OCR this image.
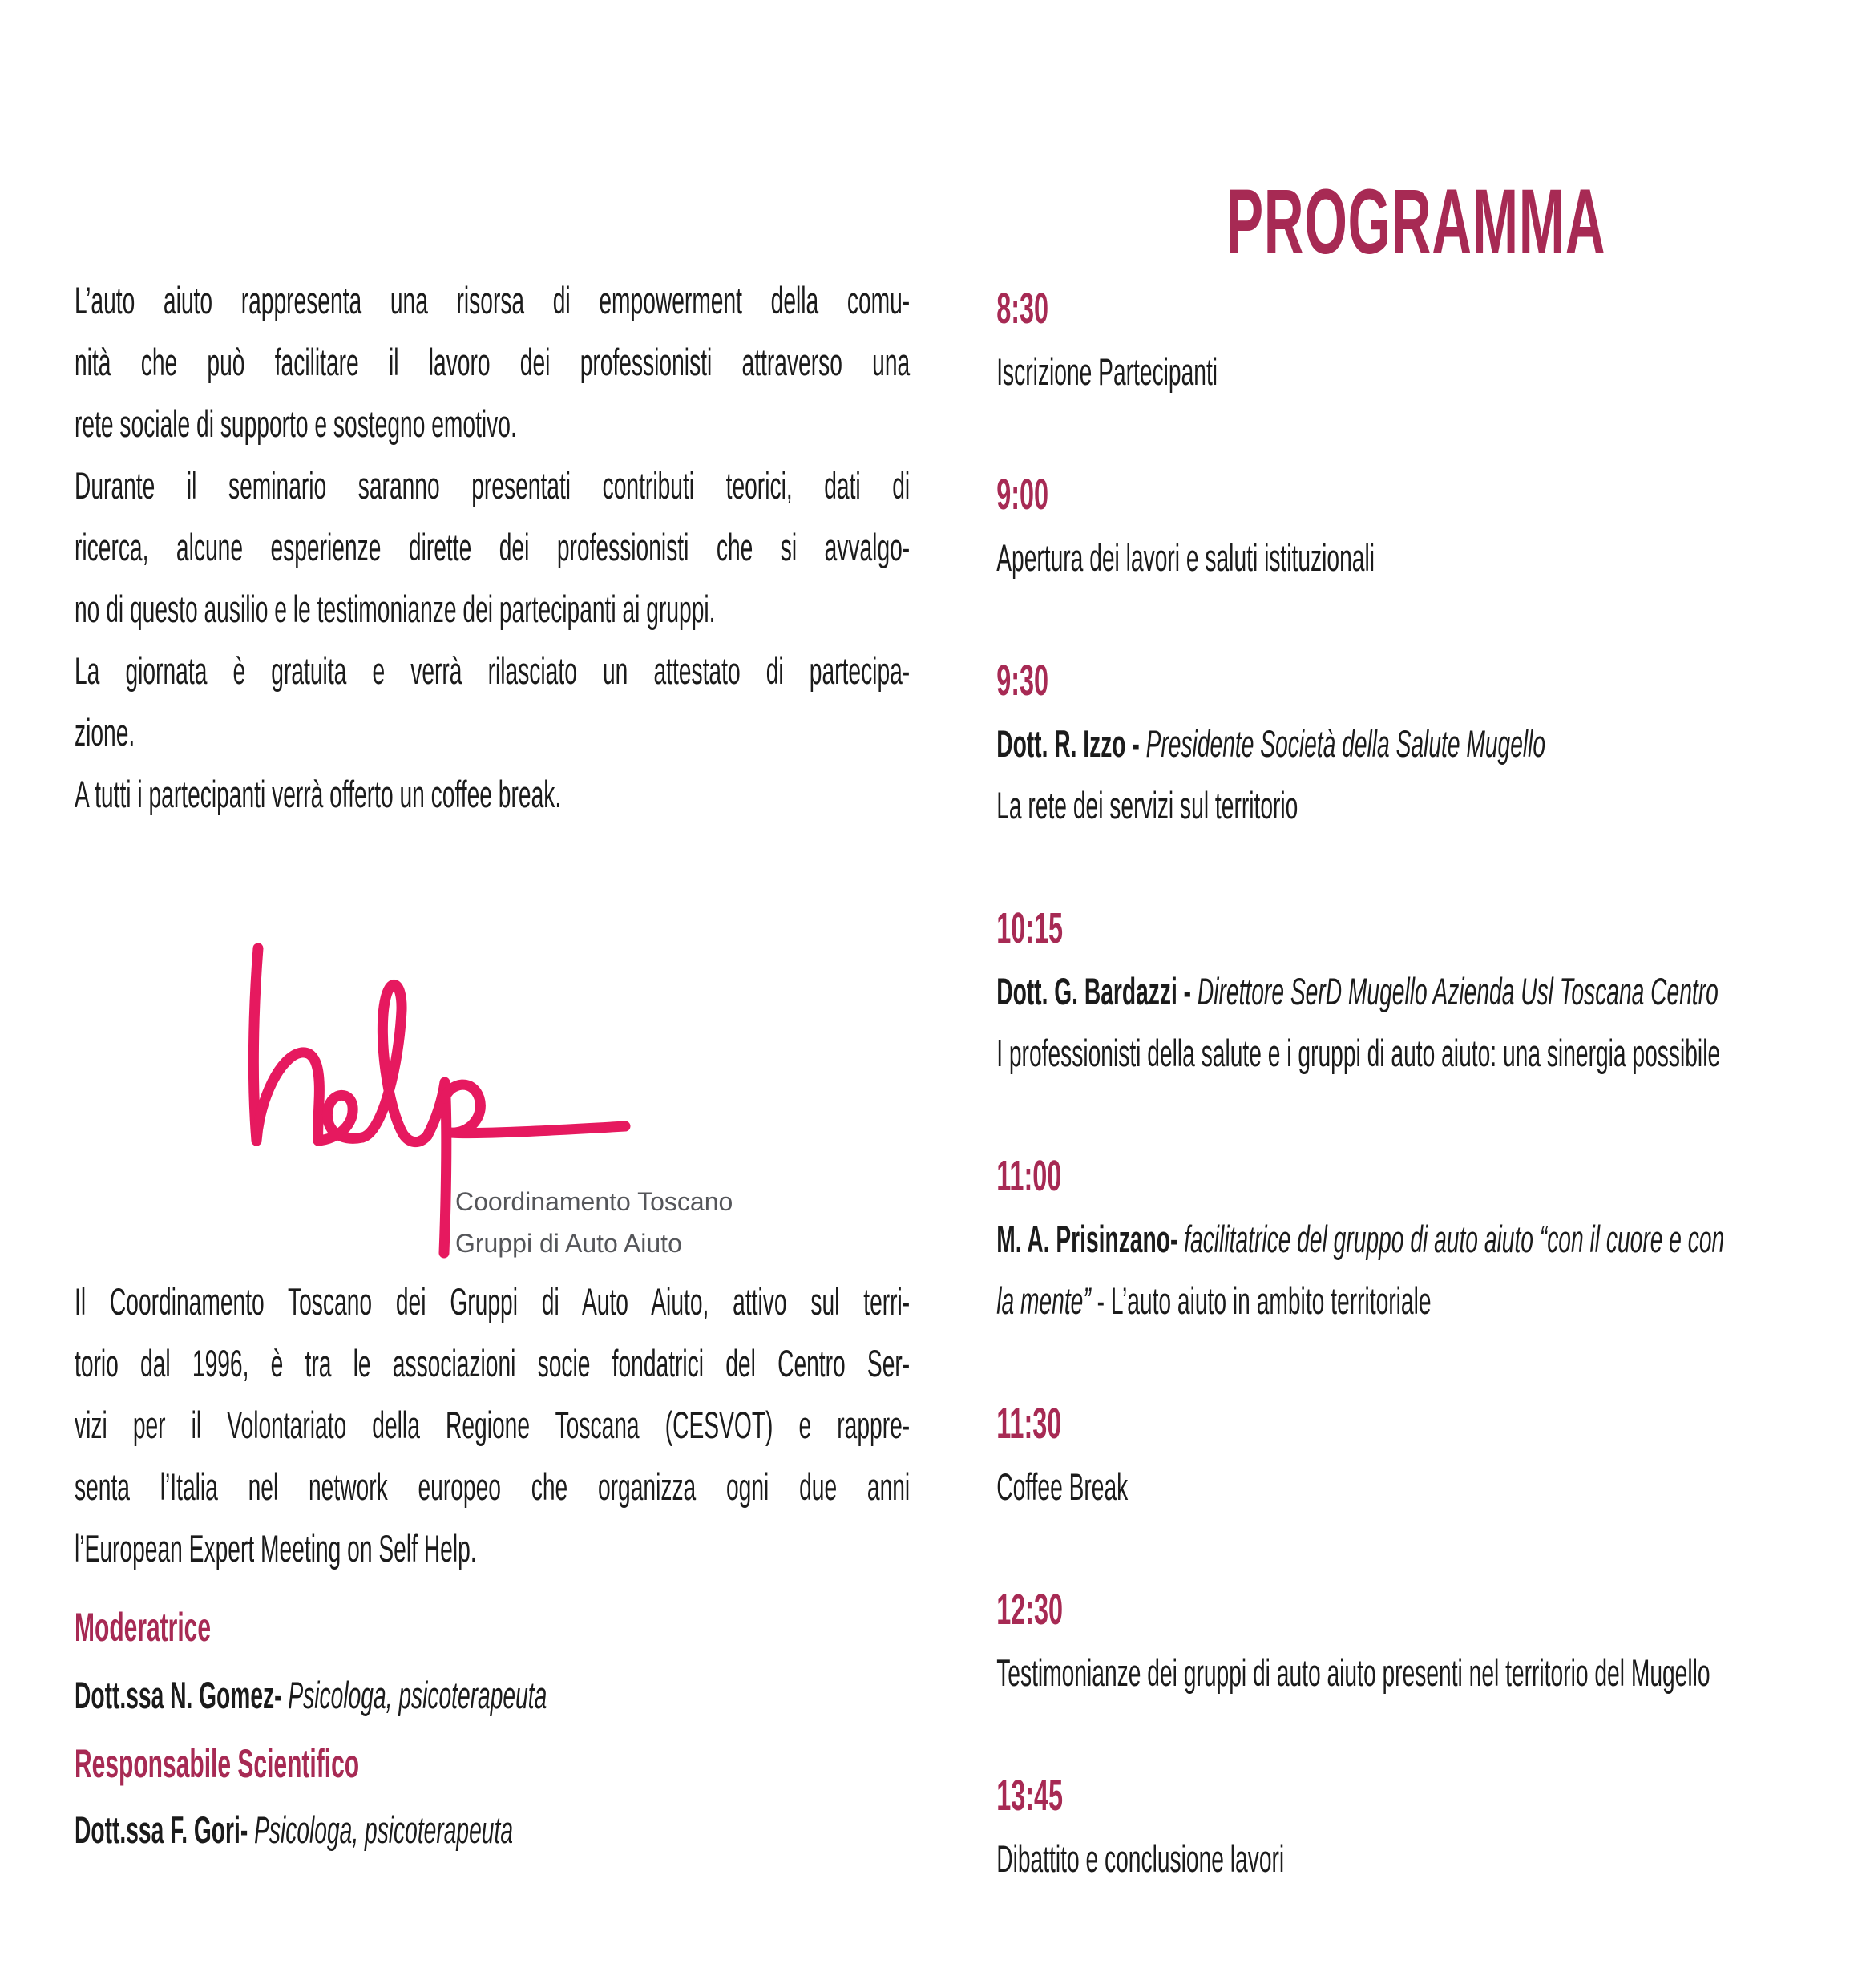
PROGRAMMA
L’auto aiuto rappresenta una risorsa di empowerment della comu-
nità che può facilitare il lavoro dei professionisti attraverso una
rete sociale di supporto e sostegno emotivo.
Durante il seminario saranno presentati contributi teorici, dati di
ricerca, alcune esperienze dirette dei professionisti che si avvalgo-
no di questo ausilio e le testimonianze dei partecipanti ai gruppi.
La giornata è gratuita e verrà rilasciato un attestato di partecipa-
zione.
A tutti i partecipanti verrà offerto un coffee break.
Coordinamento Toscano
Gruppi di Auto Aiuto
Il Coordinamento Toscano dei Gruppi di Auto Aiuto, attivo sul terri-
torio dal 1996, è tra le associazioni socie fondatrici del Centro Ser-
vizi per il Volontariato della Regione Toscana (CESVOT) e rappre-
senta l’Italia nel network europeo che organizza ogni due anni
l’European Expert Meeting on Self Help.
Moderatrice
Dott.ssa N. Gomez- Psicologa, psicoterapeuta
Responsabile Scientifico
Dott.ssa F. Gori- Psicologa, psicoterapeuta
8:30
Iscrizione Partecipanti
9:00
Apertura dei lavori e saluti istituzionali
9:30
Dott. R. Izzo - Presidente Società della Salute Mugello
La rete dei servizi sul territorio
10:15
Dott. G. Bardazzi - Direttore SerD Mugello Azienda Usl Toscana Centro
I professionisti della salute e i gruppi di auto aiuto: una sinergia possibile
11:00
M. A. Prisinzano- facilitatrice del gruppo di auto aiuto “con il cuore e con
la mente” - L’auto aiuto in ambito territoriale
11:30
Coffee Break
12:30
Testimonianze dei gruppi di auto aiuto presenti nel territorio del Mugello
13:45
Dibattito e conclusione lavori
